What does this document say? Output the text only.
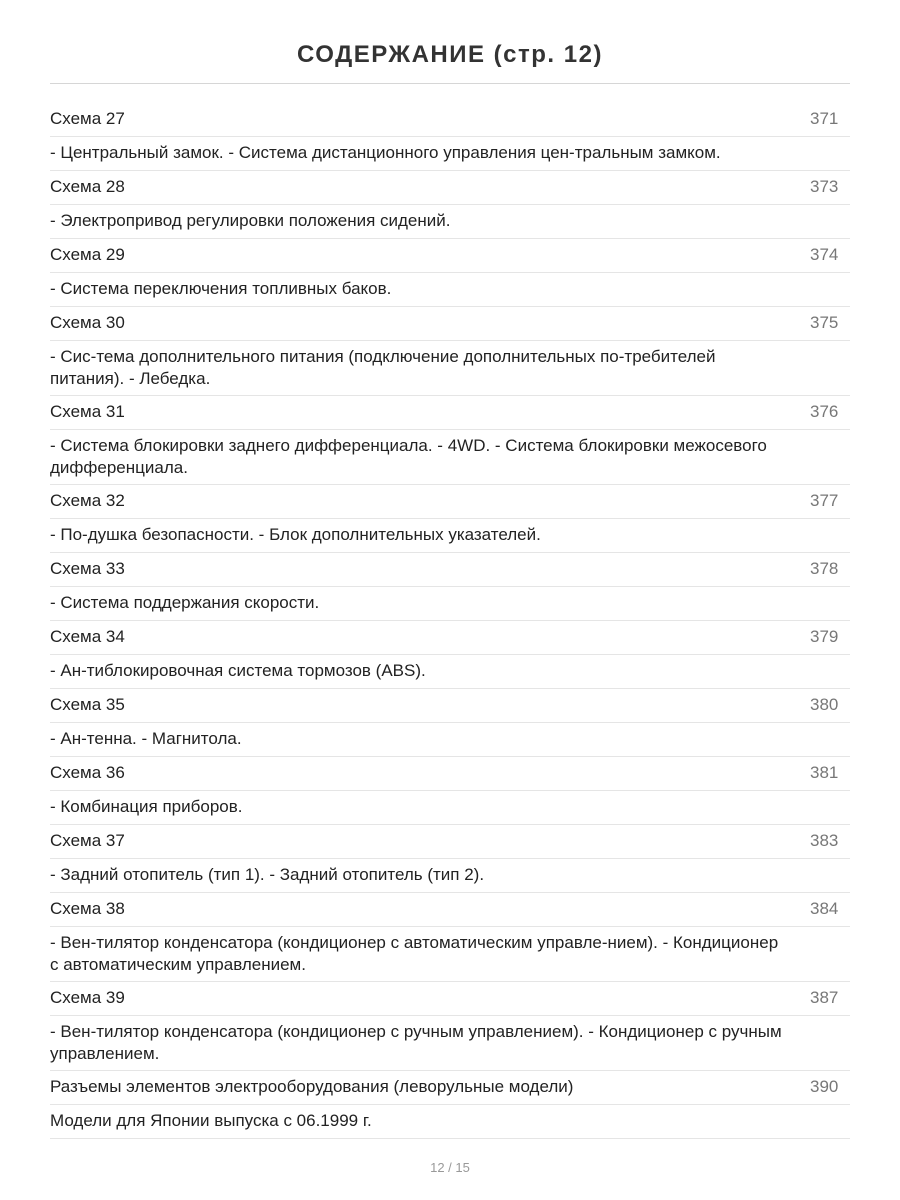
СОДЕРЖАНИЕ (стр. 12)
Схема 27	371
- Центральный замок. - Система дистанционного управления цен-тральным замком.
Схема 28	373
- Электропривод регулировки положения сидений.
Схема 29	374
- Система переключения топливных баков.
Схема 30	375
- Сис-тема дополнительного питания (подключение дополнительных по-требителей питания). - Лебедка.
Схема 31	376
- Система блокировки заднего дифференциала. - 4WD. - Система блокировки межосевого дифференциала.
Схема 32	377
- По-душка безопасности. - Блок дополнительных указателей.
Схема 33	378
- Система поддержания скорости.
Схема 34	379
- Ан-тиблокировочная система тормозов (ABS).
Схема 35	380
- Ан-тенна. - Магнитола.
Схема 36	381
- Комбинация приборов.
Схема 37	383
- Задний отопитель (тип 1). - Задний отопитель (тип 2).
Схема 38	384
- Вен-тилятор конденсатора (кондиционер с автоматическим управле-нием). - Кондиционер с автоматическим управлением.
Схема 39	387
- Вен-тилятор конденсатора (кондиционер с ручным управлением). - Кондиционер с ручным управлением.
Разъемы элементов электрооборудования (леворульные модели)	390
Модели для Японии выпуска с 06.1999 г.
12 / 15
